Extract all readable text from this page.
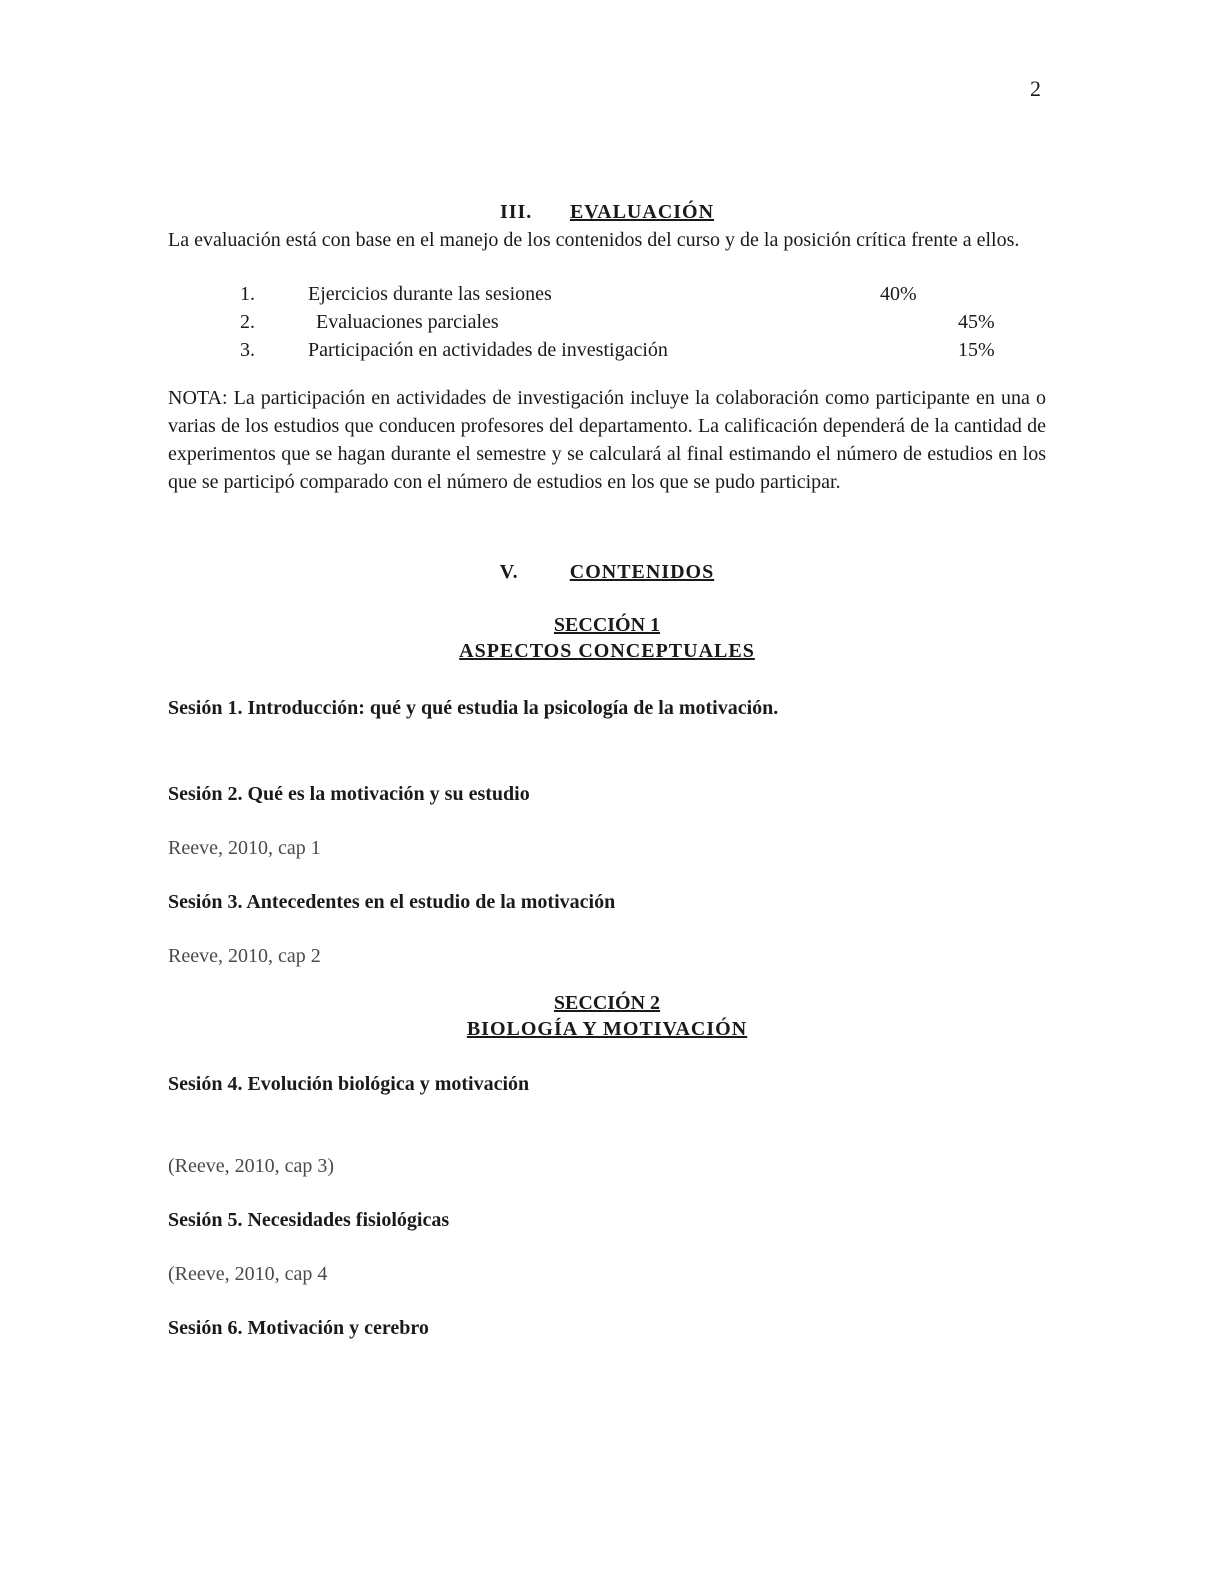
2
III. EVALUACIÓN
La evaluación está con base en el manejo de los contenidos del curso y de la posición crítica frente a ellos.
1.	Ejercicios durante las sesiones	40%
2.	Evaluaciones parciales	45%
3.	Participación en actividades de investigación	15%
NOTA: La participación en actividades de investigación incluye la colaboración como participante en una o varias de los estudios que conducen profesores del departamento. La calificación dependerá de la cantidad de experimentos que se hagan durante el semestre y se calculará al final estimando el número de estudios en los que se participó comparado con el número de estudios en los que se pudo participar.
V.	CONTENIDOS
SECCIÓN 1
ASPECTOS CONCEPTUALES
Sesión 1. Introducción: qué y qué estudia la psicología de la motivación.
Sesión 2. Qué es la motivación y su estudio
Reeve, 2010, cap 1
Sesión 3. Antecedentes en el estudio de la motivación
Reeve, 2010, cap 2
SECCIÓN 2
BIOLOGÍA Y MOTIVACIÓN
Sesión 4. Evolución biológica y motivación
(Reeve, 2010, cap 3)
Sesión 5. Necesidades fisiológicas
(Reeve, 2010, cap 4
Sesión 6. Motivación y cerebro
